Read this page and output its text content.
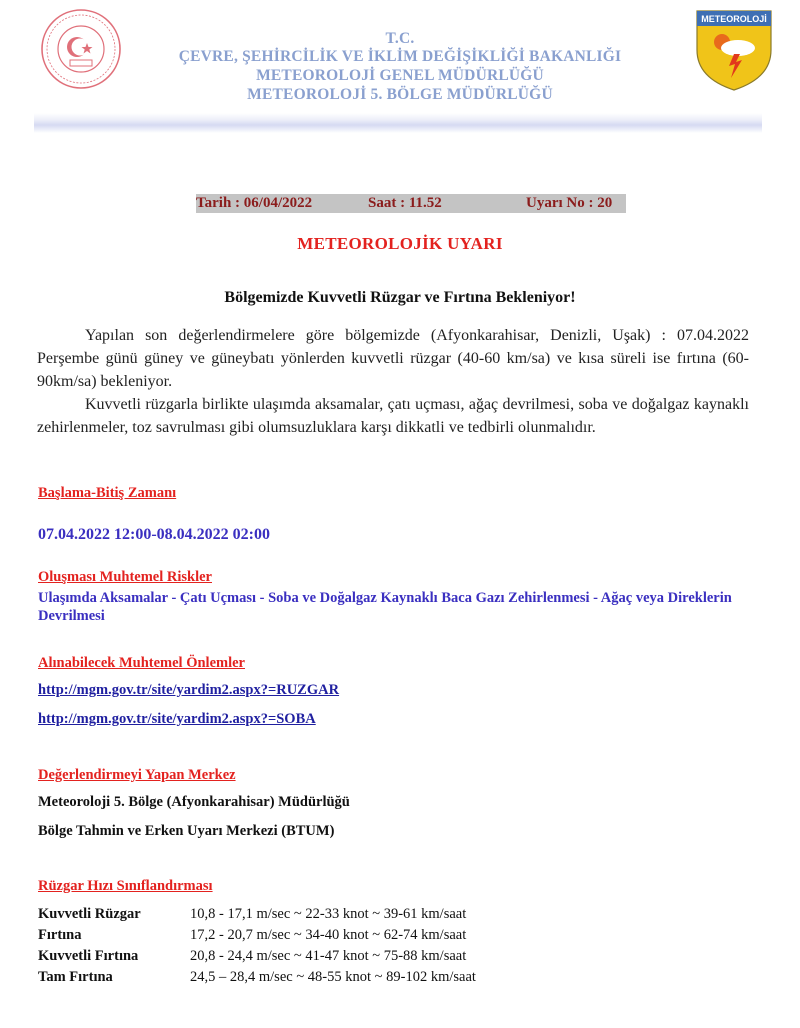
METEOROLOJİ
T.C.
ÇEVRE, ŞEHİRCİLİK VE İKLİM DEĞİŞİKLİĞİ BAKANLIĞI
METEOROLOJİ GENEL MÜDÜRLÜĞÜ
METEOROLOJİ 5. BÖLGE MÜDÜRLÜĞÜ
Tarih : 06/04/2022	Saat : 11.52	Uyarı No : 20
METEOROLOJİK UYARI
Bölgemizde Kuvvetli Rüzgar ve Fırtına Bekleniyor!

Yapılan son değerlendirmelere göre bölgemizde (Afyonkarahisar, Denizli, Uşak) : 07.04.2022 Perşembe günü güney ve güneybatı yönlerden kuvvetli rüzgar (40-60 km/sa) ve kısa süreli ise fırtına (60-90km/sa) bekleniyor.

Kuvvetli rüzgarla birlikte ulaşımda aksamalar, çatı uçması, ağaç devrilmesi, soba ve doğalgaz kaynaklı zehirlenmeler, toz savrulması gibi olumsuzluklara karşı dikkatli ve tedbirli olunmalıdır.

Başlama-Bitiş Zamanı
07.04.2022 12:00-08.04.2022 02:00
Oluşması Muhtemel Riskler
Ulaşımda Aksamalar - Çatı Uçması - Soba ve Doğalgaz Kaynaklı Baca Gazı Zehirlenmesi - Ağaç veya Direklerin Devrilmesi
Alınabilecek Muhtemel Önlemler
http://mgm.gov.tr/site/yardim2.aspx?=RUZGAR
http://mgm.gov.tr/site/yardim2.aspx?=SOBA
Değerlendirmeyi Yapan Merkez
Meteoroloji 5. Bölge (Afyonkarahisar) Müdürlüğü
Bölge Tahmin ve Erken Uyarı Merkezi (BTUM)
Rüzgar Hızı Sınıflandırması
Kuvvetli Rüzgar	10,8 - 17,1 m/sec ~ 22-33 knot ~ 39-61 km/saat
Fırtına	17,2 - 20,7 m/sec ~ 34-40 knot ~ 62-74 km/saat
Kuvvetli Fırtına	20,8 - 24,4 m/sec ~ 41-47 knot ~ 75-88 km/saat
Tam Fırtına	24,5 – 28,4 m/sec ~ 48-55 knot ~ 89-102 km/saat
